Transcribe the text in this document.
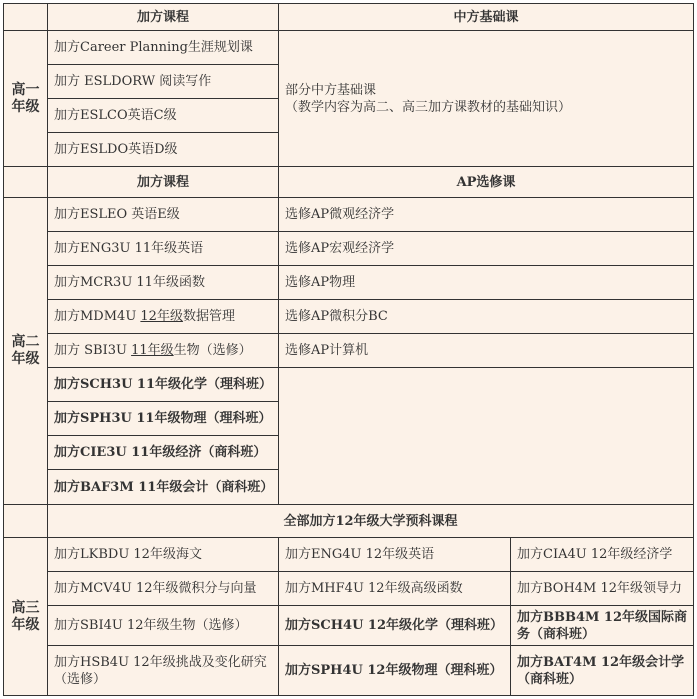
	加方课程	中方基础课	
高一年级	加方Career Planning生涯规划课	部分中方基础课
（教学内容为高二、高三加方课教材的基础知识）	

	加方 ESLDORW 阅读写作		
	加方ESLCO英语C级		
	加方ESLDO英语D级		
	加方课程	AP选修课	
高二年级	加方ESLEO 英语E级	选修AP微观经济学	
	加方ENG3U 11年级英语	选修AP宏观经济学	
	加方MCR3U 11年级函数	选修AP物理	
	加方MDM4U 12年级数据管理	选修AP微积分BC	
	加方 SBI3U 11年级生物（选修）	选修AP计算机	
	加方SCH3U 11年级化学（理科班）		
	加方SPH3U 11年级物理（理科班）		
	加方CIE3U 11年级经济（商科班）		
	加方BAF3M 11年级会计（商科班）		
	全部加方12年级大学预科课程		
高三年级	加方LKBDU 12年级海文	加方ENG4U 12年级英语	加方CIA4U 12年级经济学
	加方MCV4U 12年级微积分与向量	加方MHF4U 12年级高级函数	加方BOH4M 12年级领导力
	加方SBI4U 12年级生物（选修）	加方SCH4U 12年级化学（理科班）	加方BBB4M 12年级国际商务（商科班）
	加方HSB4U 12年级挑战及变化研究（选修）	加方SPH4U 12年级物理（理科班）	加方BAT4M 12年级会计学（商科班）
